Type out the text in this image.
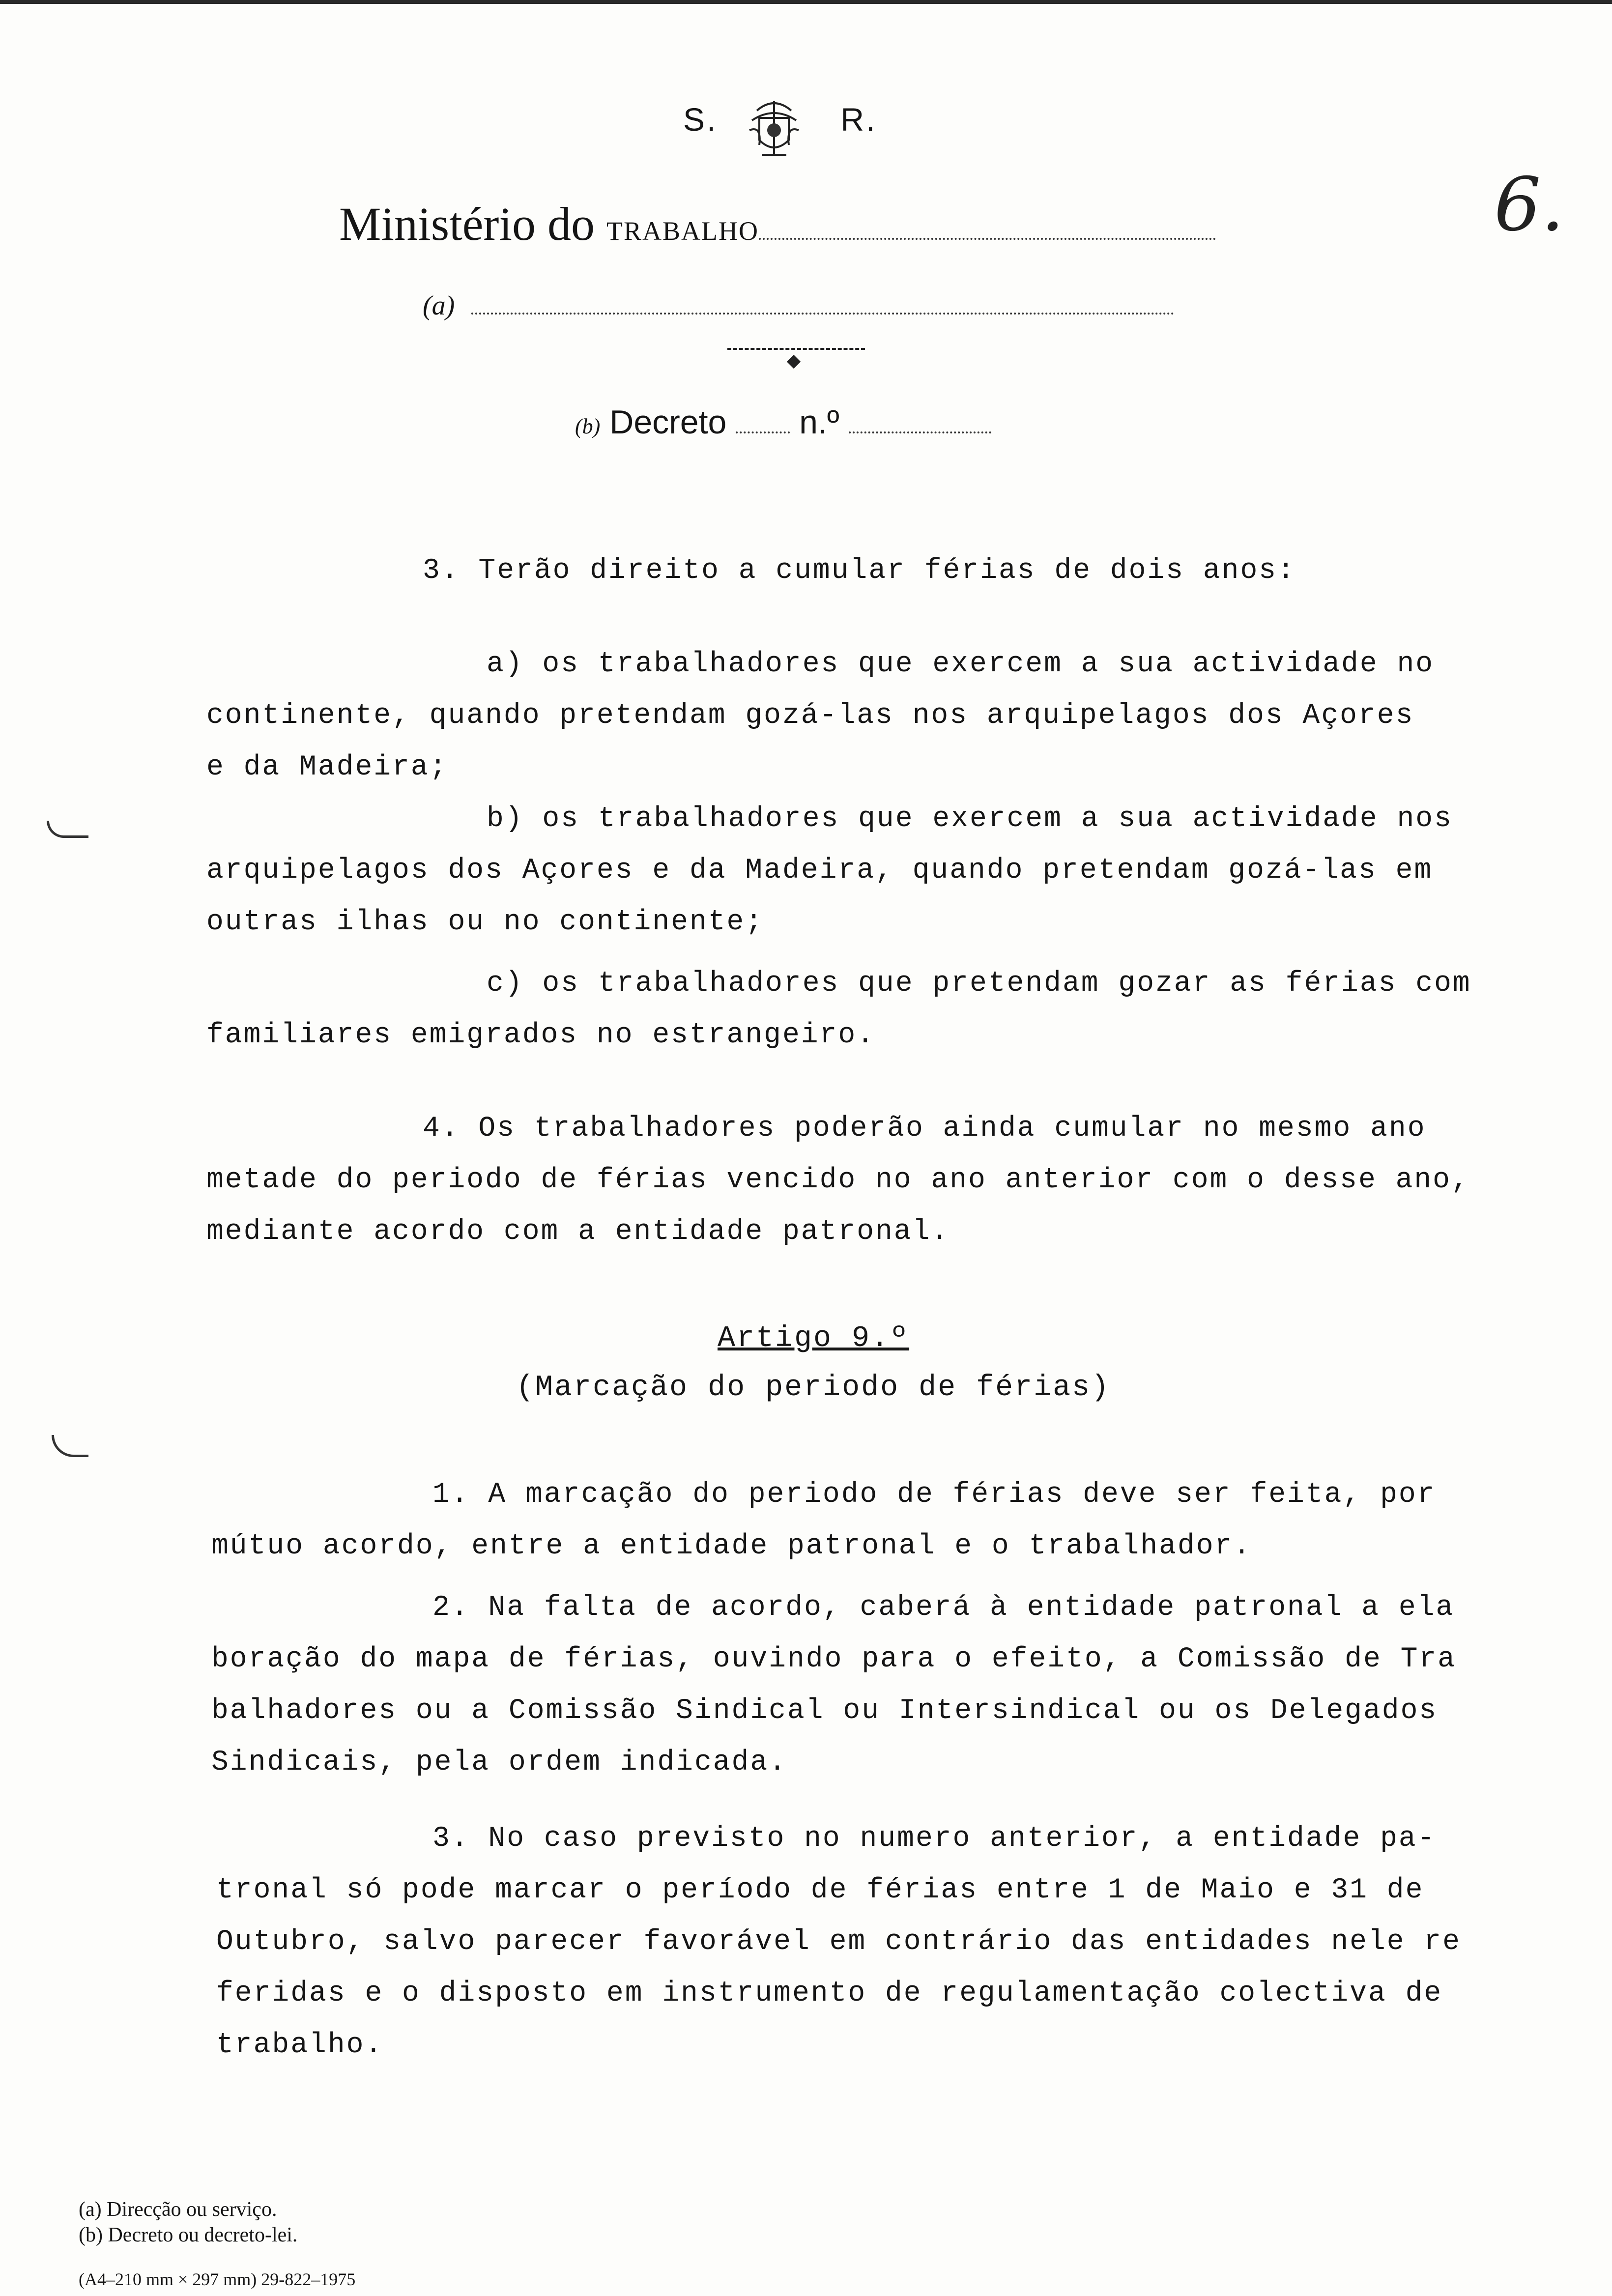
S.	R.
Ministério do TRABALHO
(a)
(b) Decreto n.º
6.
3. Terão direito a cumular férias de dois anos:
a) os trabalhadores que exercem a sua actividade no
continente, quando pretendam gozá-las nos arquipelagos dos Açores
e da Madeira;
b) os trabalhadores que exercem a sua actividade nos
arquipelagos dos Açores e da Madeira, quando pretendam gozá-las em
outras ilhas ou no continente;
c) os trabalhadores que pretendam gozar as férias com
familiares emigrados no estrangeiro.
4. Os trabalhadores poderão ainda cumular no mesmo ano
metade do periodo de férias vencido no ano anterior com o desse ano,
mediante acordo com a entidade patronal.
Artigo 9.º
(Marcação do periodo de férias)
1. A marcação do periodo de férias deve ser feita, por
mútuo acordo, entre a entidade patronal e o trabalhador.
2. Na falta de acordo, caberá à entidade patronal a ela
boração do mapa de férias, ouvindo para o efeito, a Comissão de Tra
balhadores ou a Comissão Sindical ou Intersindical ou os Delegados
Sindicais, pela ordem indicada.
3. No caso previsto no numero anterior, a entidade pa-
tronal só pode marcar o período de férias entre 1 de Maio e 31 de
Outubro, salvo parecer favorável em contrário das entidades nele re
feridas e o disposto em instrumento de regulamentação colectiva de
trabalho.
(a) Direcção ou serviço.
(b) Decreto ou decreto-lei.
(A4–210 mm × 297 mm) 29-822–1975
